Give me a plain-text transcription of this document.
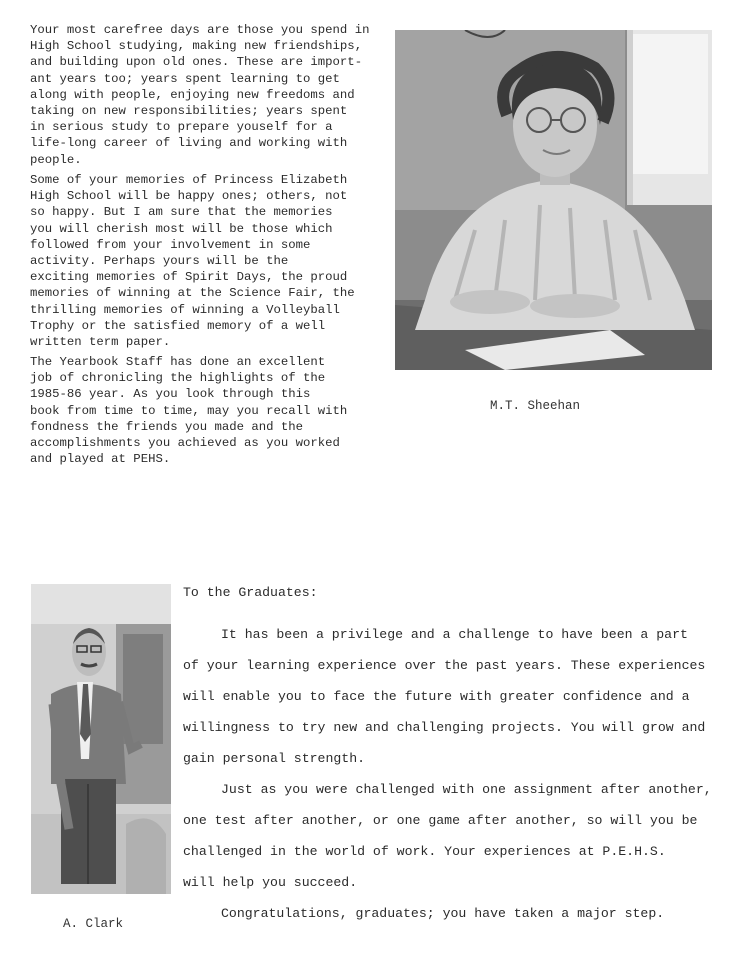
Your most carefree days are those you spend in
High School studying, making new friendships,
and building upon old ones. These are import-
ant years too; years spent learning to get
along with people, enjoying new freedoms and
taking on new responsibilities; years spent
in serious study to prepare youself for a
life-long career of living and working with
people.

Some of your memories of Princess Elizabeth
High School will be happy ones; others, not
so happy. But I am sure that the memories
you will cherish most will be those which
followed from your involvement in some
activity. Perhaps yours will be the
exciting memories of Spirit Days, the proud
memories of winning at the Science Fair, the
thrilling memories of winning a Volleyball
Trophy or the satisfied memory of a well
written term paper.

The Yearbook Staff has done an excellent
job of chronicling the highlights of the
1985-86 year. As you look through this
book from time to time, may you recall with
fondness the friends you made and the
accomplishments you achieved as you worked
and played at PEHS.

M.T. Sheehan
A. Clark
To the Graduates:
It has been a privilege and a challenge to have been a part
of your learning experience over the past years. These experiences
will enable you to face the future with greater confidence and a
willingness to try new and challenging projects. You will grow and
gain personal strength.
Just as you were challenged with one assignment after another,
one test after another, or one game after another, so will you be
challenged in the world of work. Your experiences at P.E.H.S.
will help you succeed.
Congratulations, graduates; you have taken a major step.
